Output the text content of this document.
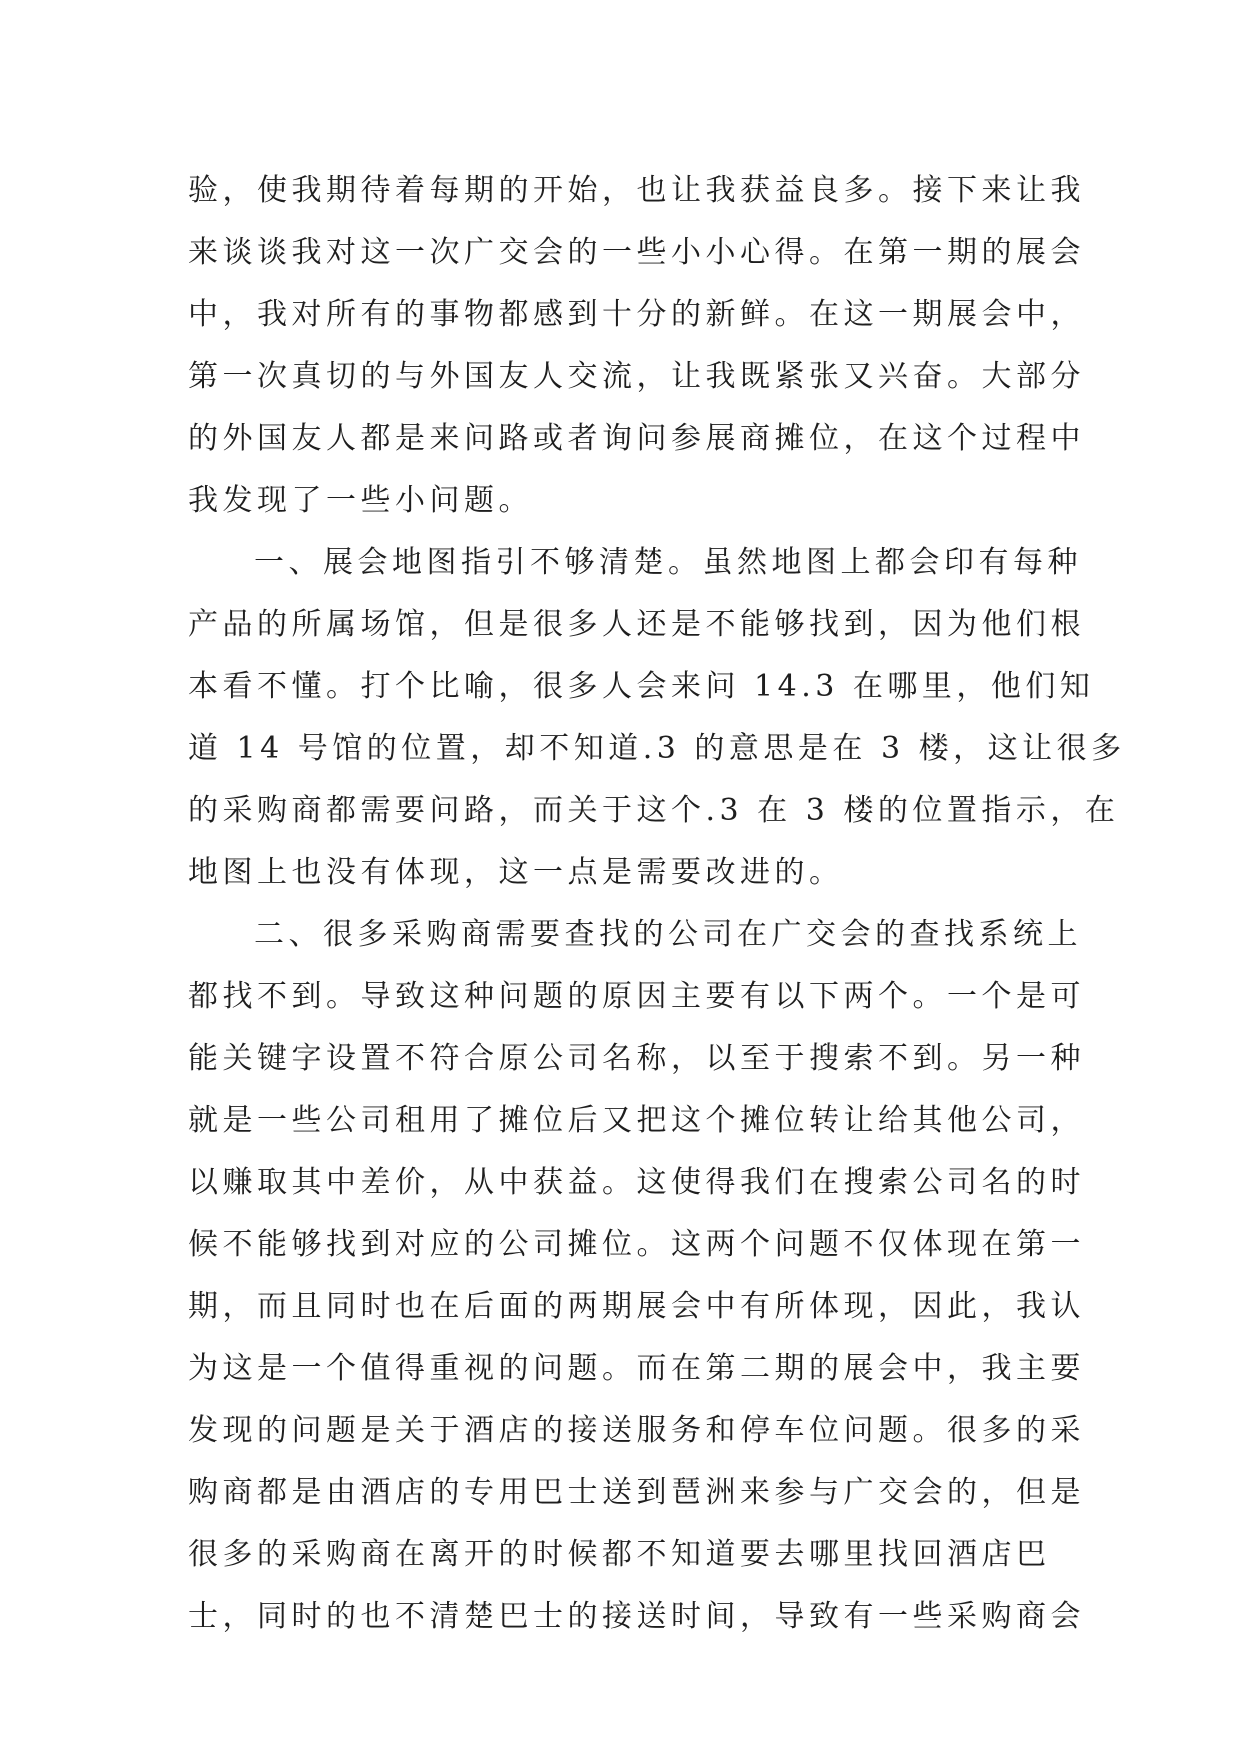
验，使我期待着每期的开始，也让我获益良多。接下来让我
来谈谈我对这一次广交会的一些小小心得。在第一期的展会
中，我对所有的事物都感到十分的新鲜。在这一期展会中，
第一次真切的与外国友人交流，让我既紧张又兴奋。大部分
的外国友人都是来问路或者询问参展商摊位，在这个过程中
我发现了一些小问题。
一、展会地图指引不够清楚。虽然地图上都会印有每种
产品的所属场馆，但是很多人还是不能够找到，因为他们根
本看不懂。打个比喻，很多人会来问 14.3 在哪里，他们知
道 14 号馆的位置，却不知道.3 的意思是在 3 楼，这让很多
的采购商都需要问路，而关于这个.3 在 3 楼的位置指示，在
地图上也没有体现，这一点是需要改进的。
二、很多采购商需要查找的公司在广交会的查找系统上
都找不到。导致这种问题的原因主要有以下两个。一个是可
能关键字设置不符合原公司名称，以至于搜索不到。另一种
就是一些公司租用了摊位后又把这个摊位转让给其他公司，
以赚取其中差价，从中获益。这使得我们在搜索公司名的时
候不能够找到对应的公司摊位。这两个问题不仅体现在第一
期，而且同时也在后面的两期展会中有所体现，因此，我认
为这是一个值得重视的问题。而在第二期的展会中，我主要
发现的问题是关于酒店的接送服务和停车位问题。很多的采
购商都是由酒店的专用巴士送到琶洲来参与广交会的，但是
很多的采购商在离开的时候都不知道要去哪里找回酒店巴
士，同时的也不清楚巴士的接送时间，导致有一些采购商会
